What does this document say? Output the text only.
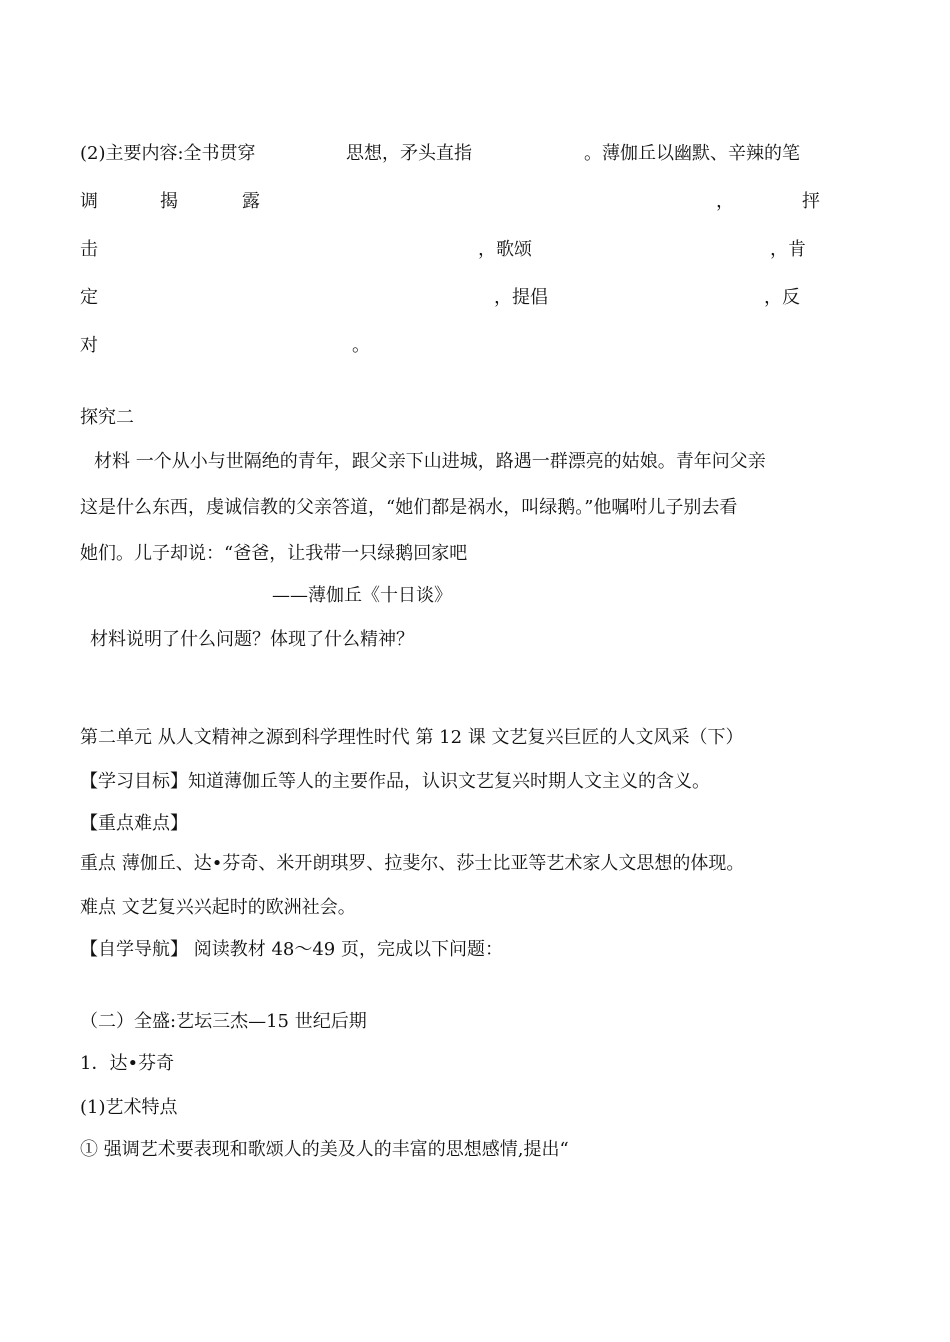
(2)主要内容:全书贯穿	思想，矛头直指	。薄伽丘以幽默、辛辣的笔
调	揭	露	，	抨
击	，歌颂	，肯
定	，提倡	，反
对	。
探究二
材料 一个从小与世隔绝的青年，跟父亲下山进城，路遇一群漂亮的姑娘。青年问父亲
这是什么东西，虔诚信教的父亲答道，“她们都是祸水，叫绿鹅。”他嘱咐儿子别去看
她们。儿子却说：“爸爸，让我带一只绿鹅回家吧
——薄伽丘《十日谈》
材料说明了什么问题？体现了什么精神？
第二单元 从人文精神之源到科学理性时代 第 12 课 文艺复兴巨匠的人文风采（下）
【学习目标】知道薄伽丘等人的主要作品，认识文艺复兴时期人文主义的含义。
【重点难点】
重点 薄伽丘、达•芬奇、米开朗琪罗、拉斐尔、莎士比亚等艺术家人文思想的体现。
难点 文艺复兴兴起时的欧洲社会。
【自学导航】 阅读教材 48～49 页，完成以下问题：
（二）全盛:艺坛三杰—15 世纪后期
1．达•芬奇
(1)艺术特点
① 强调艺术要表现和歌颂人的美及人的丰富的思想感情,提出“
